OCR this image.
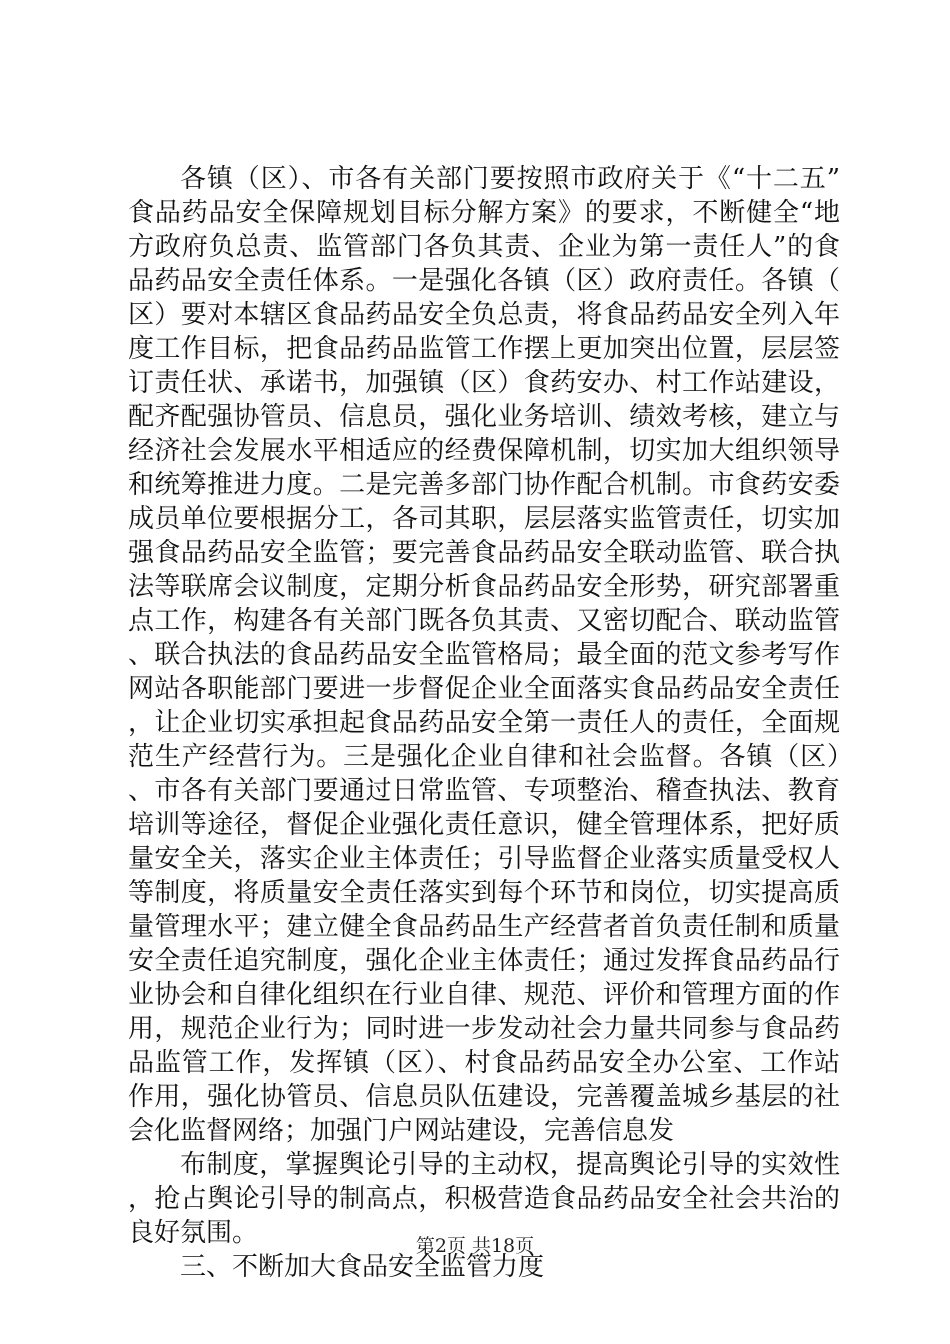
各镇（区）、市各有关部门要按照市政府关于《“十二五”食品药品安全保障规划目标分解方案》的要求，不断健全“地方政府负总责、监管部门各负其责、企业为第一责任人”的食品药品安全责任体系。一是强化各镇（区）政府责任。各镇（区）要对本辖区食品药品安全负总责，将食品药品安全列入年度工作目标，把食品药品监管工作摆上更加突出位置，层层签订责任状、承诺书，加强镇（区）食药安办、村工作站建设，配齐配强协管员、信息员，强化业务培训、绩效考核，建立与经济社会发展水平相适应的经费保障机制，切实加大组织领导和统筹推进力度。二是完善多部门协作配合机制。市食药安委成员单位要根据分工，各司其职，层层落实监管责任，切实加强食品药品安全监管；要完善食品药品安全联动监管、联合执法等联席会议制度，定期分析食品药品安全形势，研究部署重点工作，构建各有关部门既各负其责、又密切配合、联动监管、联合执法的食品药品安全监管格局；最全面的范文参考写作网站各职能部门要进一步督促企业全面落实食品药品安全责任，让企业切实承担起食品药品安全第一责任人的责任，全面规范生产经营行为。三是强化企业自律和社会监督。各镇（区）、市各有关部门要通过日常监管、专项整治、稽查执法、教育培训等途径，督促企业强化责任意识，健全管理体系，把好质量安全关，落实企业主体责任；引导监督企业落实质量受权人等制度，将质量安全责任落实到每个环节和岗位，切实提高质量管理水平；建立健全食品药品生产经营者首负责任制和质量安全责任追究制度，强化企业主体责任；通过发挥食品药品行业协会和自律化组织在行业自律、规范、评价和管理方面的作用，规范企业行为；同时进一步发动社会力量共同参与食品药品监管工作，发挥镇（区）、村食品药品安全办公室、工作站作用，强化协管员、信息员队伍建设，完善覆盖城乡基层的社会化监督网络；加强门户网站建设，完善信息发

布制度，掌握舆论引导的主动权，提高舆论引导的实效性，抢占舆论引导的制高点，积极营造食品药品安全社会共治的良好氛围。

三、不断加大食品安全监管力度

第2页 共18页
